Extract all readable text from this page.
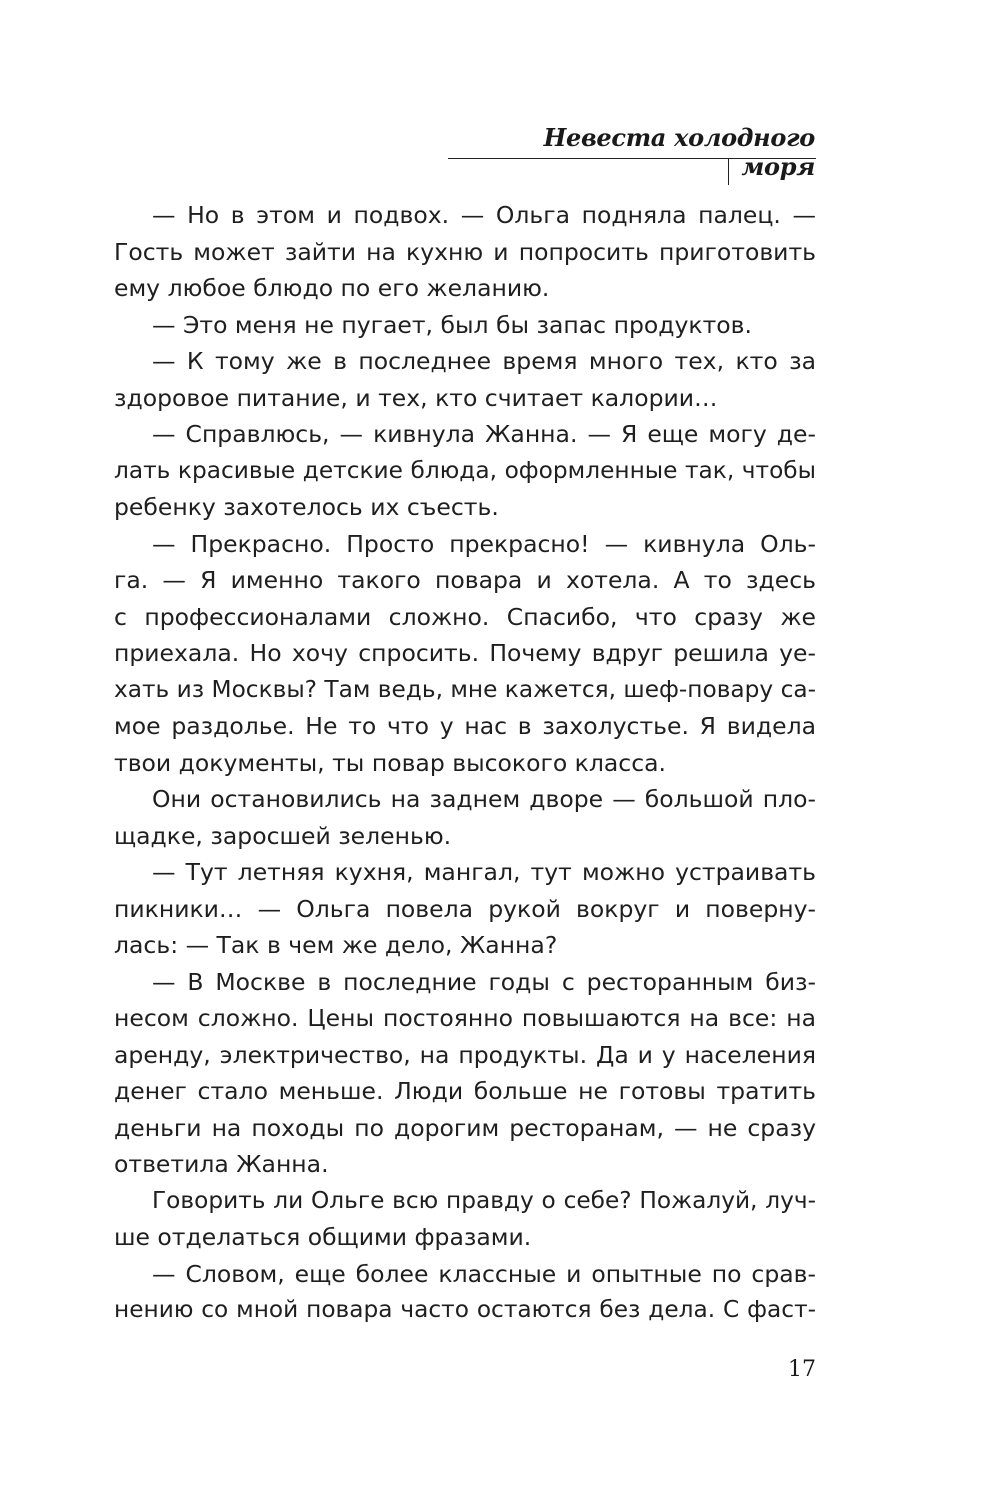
Невеста холодного моря
— Но в этом и подвох. — Ольга подняла палец. —
Гость может зайти на кухню и попросить приготовить
ему любое блюдо по его желанию.
— Это меня не пугает, был бы запас продуктов.
— К тому же в последнее время много тех, кто за
здоровое питание, и тех, кто считает калории…
— Справлюсь, — кивнула Жанна. — Я еще могу де-
лать красивые детские блюда, оформленные так, чтобы
ребенку захотелось их съесть.
— Прекрасно. Просто прекрасно! — кивнула Оль-
га. — Я именно такого повара и хотела. А то здесь
с профессионалами сложно. Спасибо, что сразу же
приехала. Но хочу спросить. Почему вдруг решила уе-
хать из Москвы? Там ведь, мне кажется, шеф-повару са-
мое раздолье. Не то что у нас в захолустье. Я видела
твои документы, ты повар высокого класса.
Они остановились на заднем дворе — большой пло-
щадке, заросшей зеленью.
— Тут летняя кухня, мангал, тут можно устраивать
пикники… — Ольга повела рукой вокруг и поверну-
лась: — Так в чем же дело, Жанна?
— В Москве в последние годы с ресторанным биз-
несом сложно. Цены постоянно повышаются на все: на
аренду, электричество, на продукты. Да и у населения
денег стало меньше. Люди больше не готовы тратить
деньги на походы по дорогим ресторанам, — не сразу
ответила Жанна.
Говорить ли Ольге всю правду о себе? Пожалуй, луч-
ше отделаться общими фразами.
— Словом, еще более классные и опытные по срав-
нению со мной повара часто остаются без дела. С фаст-
17
